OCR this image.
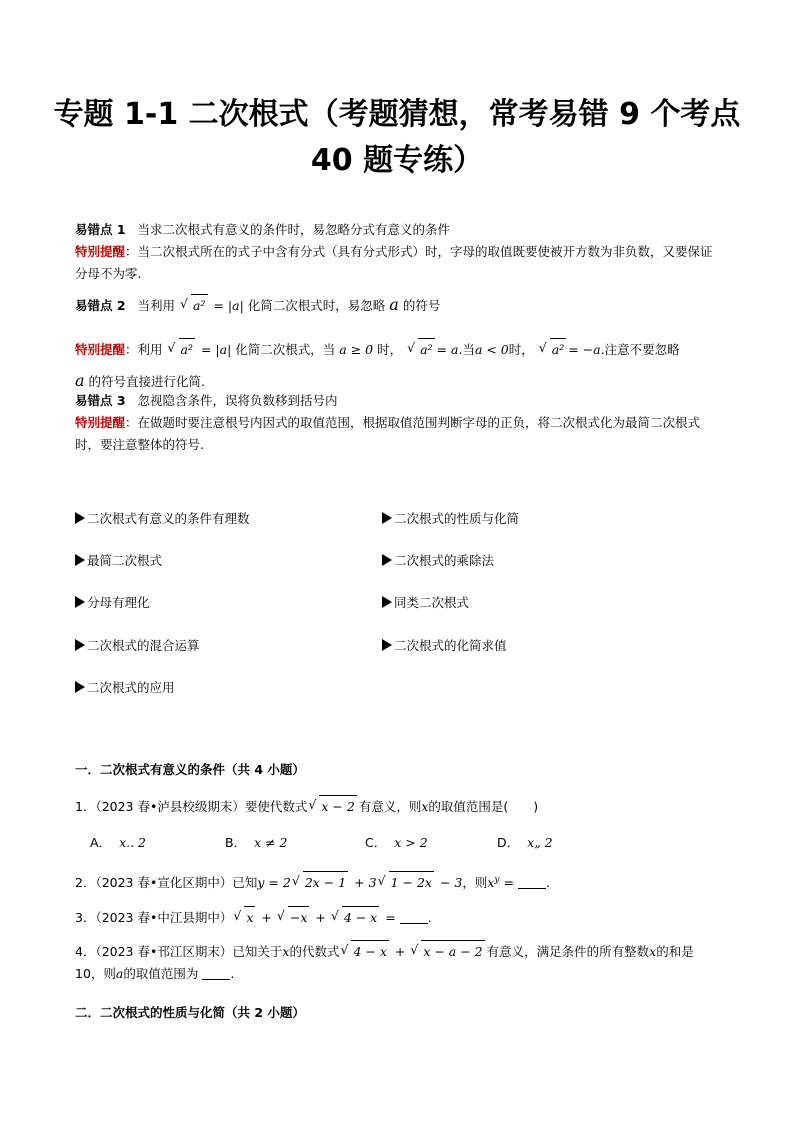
专题 1-1 二次根式（考题猜想，常考易错 9 个考点
40 题专练）
易错点 1 当求二次根式有意义的条件时，易忽略分式有意义的条件
特别提醒：当二次根式所在的式子中含有分式（具有分式形式）时，字母的取值既要使被开方数为非负数，又要保证分母不为零.
易错点 2 当利用 √ a² = |a| 化简二次根式时，易忽略 a 的符号
特别提醒：利用 √ a² = |a| 化简二次根式，当 a ≥ 0 时， √ a² = a.当a < 0时， √ a² = −a.注意不要忽略
a 的符号直接进行化简.
易错点 3 忽视隐含条件，误将负数移到括号内
特别提醒：在做题时要注意根号内因式的取值范围，根据取值范围判断字母的正负，将二次根式化为最简二次根式时，要注意整体的符号.
二次根式有意义的条件有理数	二次根式的性质与化简
最简二次根式	二次根式的乘除法
分母有理化	同类二次根式
二次根式的混合运算	二次根式的化简求值
二次根式的应用
一．二次根式有意义的条件（共 4 小题）
1．（2023 春•泸县校级期末）要使代数式 √ x − 2 有意义，则x的取值范围是(　　)
A． x.. 2	B． x ≠ 2	C． x > 2	D． x„ 2
2．（2023 春•宣化区期中）已知y = 2 √ 2x − 1 + 3 √ 1 − 2x − 3，则$x^y$ = .
3．（2023 春•中江县期中） √ x + √ −x + √ 4 − x = .
4．（2023 春•邗江区期末）已知关于x的代数式 √ 4 − x + √ x − a − 2 有意义，满足条件的所有整数x的和是 10，则a的取值范围为 .
二．二次根式的性质与化简（共 2 小题）
